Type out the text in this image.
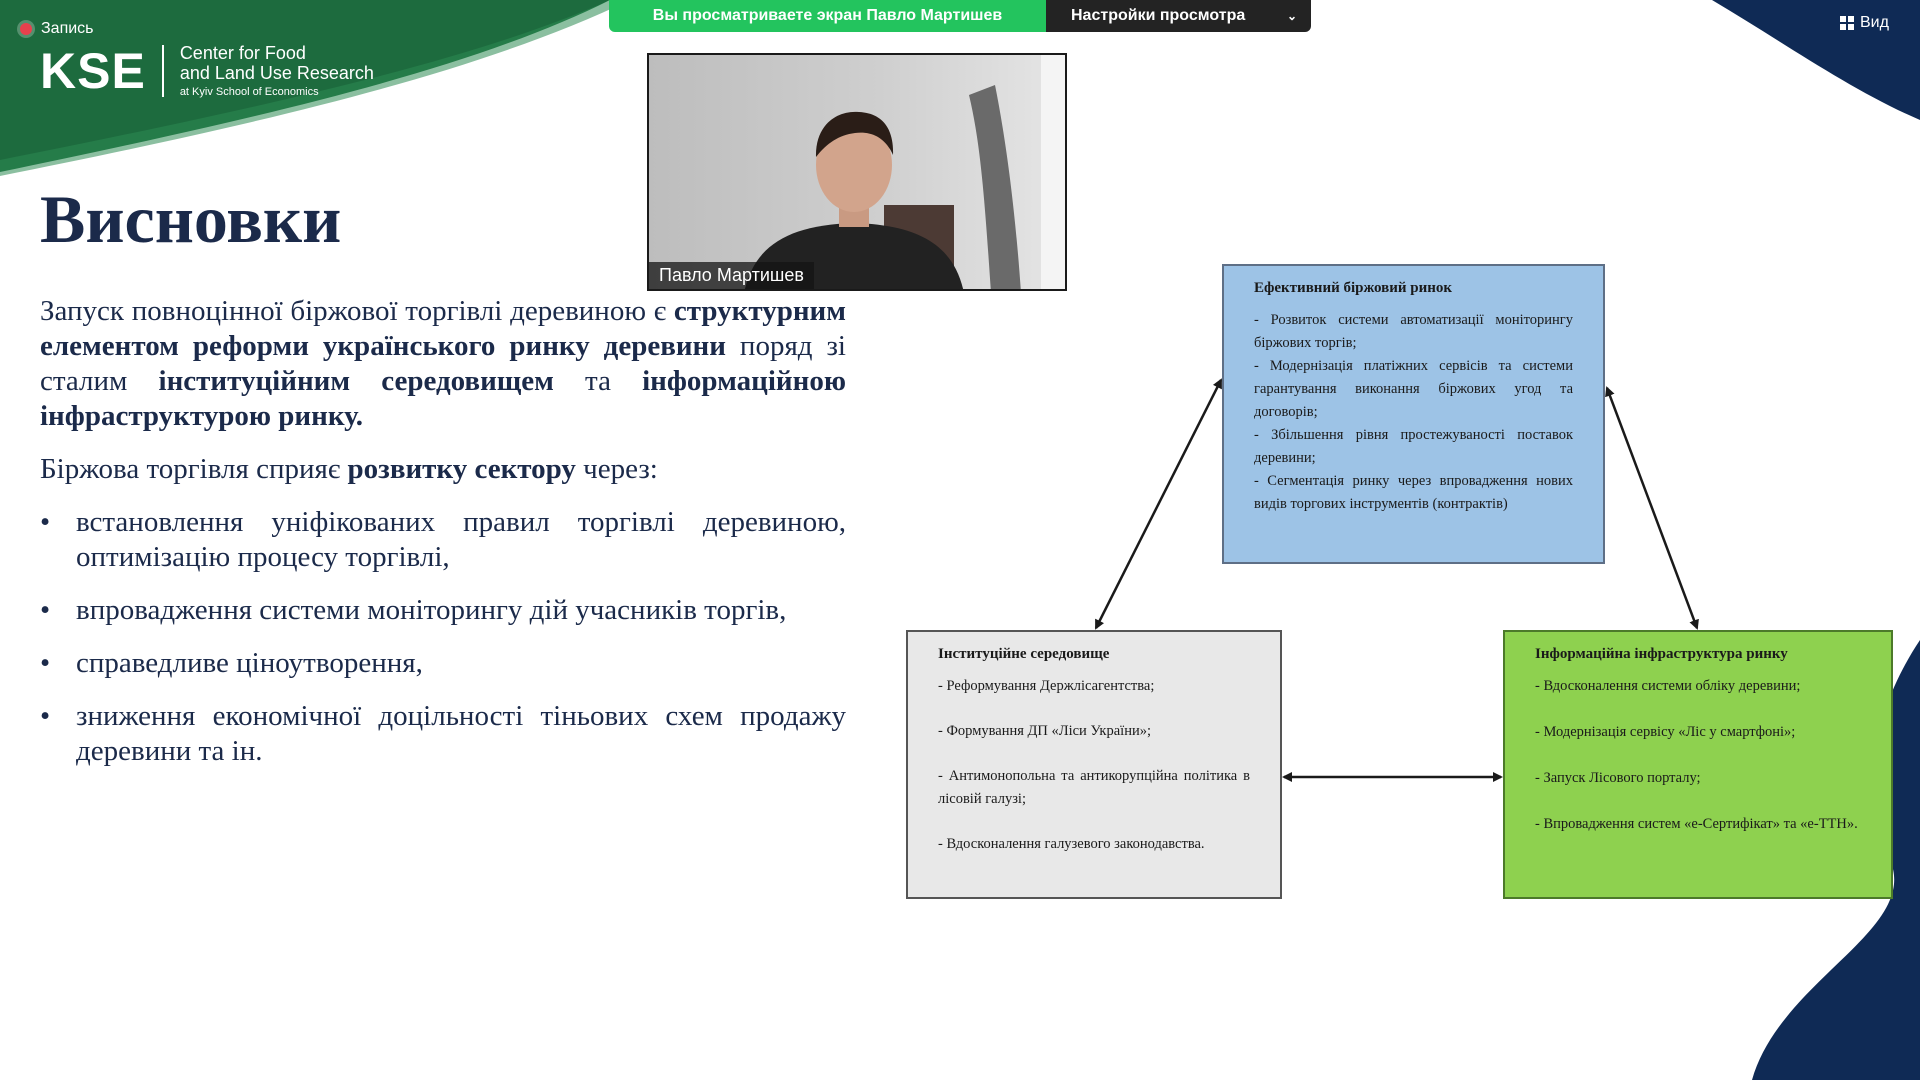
Запись
KSE Center for Food
and Land Use Research
at Kyiv School of Economics
Висновки

Запуск повноцінної біржової торгівлі деревиною є структурним елементом реформи українського ринку деревини поряд зі сталим інституційним середовищем та інформаційною інфраструктурою ринку.

Біржова торгівля сприяє розвитку сектору через:

• встановлення уніфікованих правил торгівлі деревиною, оптимізацію процесу торгівлі,
• впровадження системи моніторингу дій учасників торгів,
• справедливе ціноутворення,
• зниження економічної доцільності тіньових схем продажу деревини та ін.
Ефективний біржовий ринок
- Розвиток системи автоматизації моніторингу біржових торгів;
- Модернізація платіжних сервісів та системи гарантування виконання біржових угод та договорів;
- Збільшення рівня простежуваності поставок деревини;
- Сегментація ринку через впровадження нових видів торгових інструментів (контрактів)
Інституційне середовище
- Реформування Держлісагентства;
- Формування ДП «Ліси України»;
- Антимонопольна та антикорупційна політика в лісовій галузі;
- Вдосконалення галузевого законодавства.
Інформаційна інфраструктура ринку
- Вдосконалення системи обліку деревини;
- Модернізація сервісу «Ліс у смартфоні»;
- Запуск Лісового порталу;
- Впровадження систем «е-Сертифікат» та «е-ТТН».
Вы просматриваете экран Павло Мартишев	Настройки просмотра	⌄	Вид
Павло Мартишев
